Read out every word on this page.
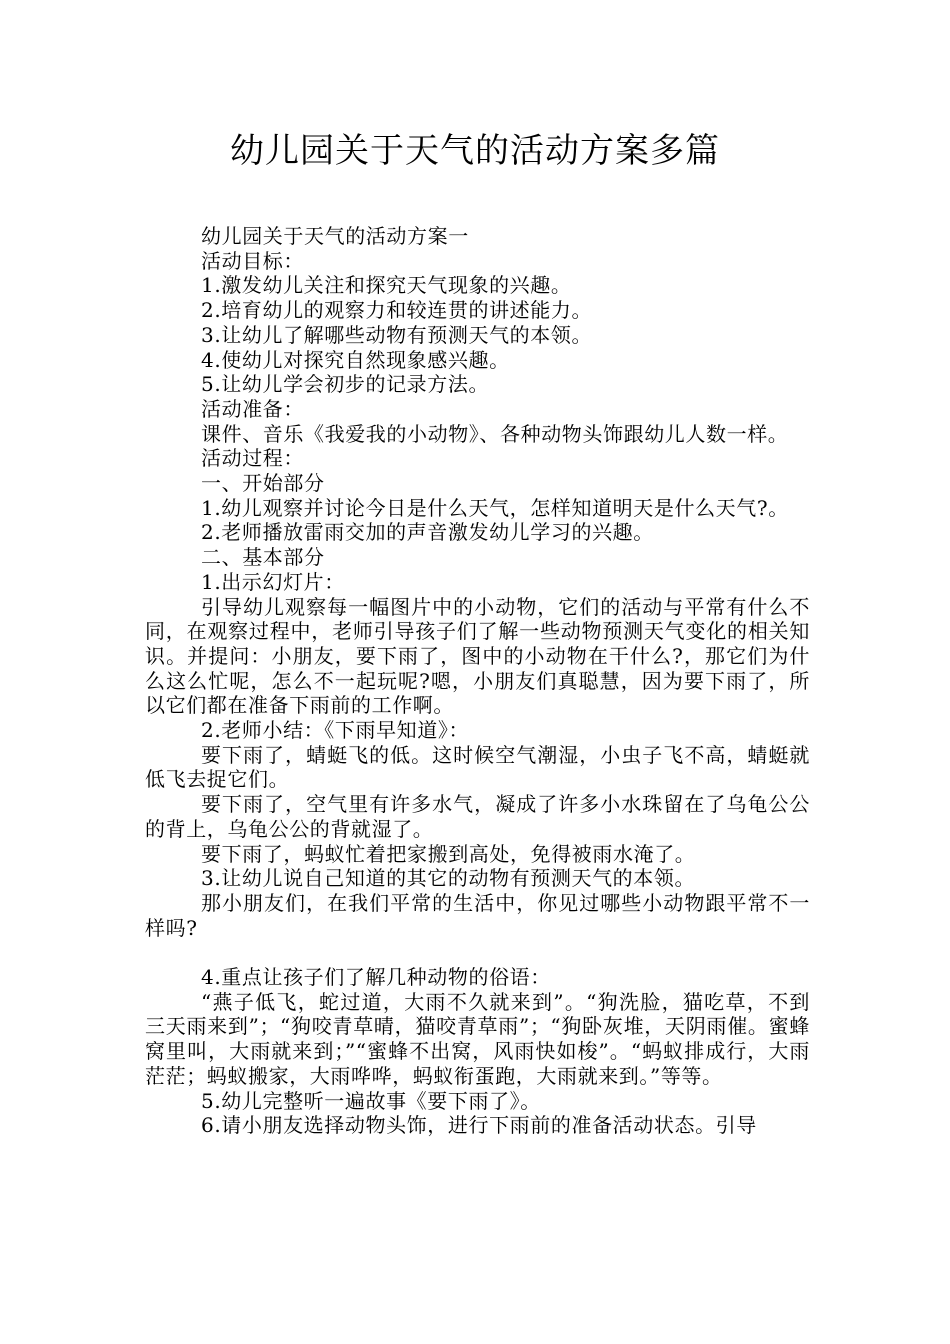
幼儿园关于天气的活动方案多篇

幼儿园关于天气的活动方案一

活动目标：

1.激发幼儿关注和探究天气现象的兴趣。

2.培育幼儿的观察力和较连贯的讲述能力。

3.让幼儿了解哪些动物有预测天气的本领。

4.使幼儿对探究自然现象感兴趣。

5.让幼儿学会初步的记录方法。

活动准备：

课件、音乐《我爱我的小动物》、各种动物头饰跟幼儿人数一样。

活动过程：

一、开始部分

1.幼儿观察并讨论今日是什么天气，怎样知道明天是什么天气?。

2.老师播放雷雨交加的声音激发幼儿学习的兴趣。

二、基本部分

1.出示幻灯片：

引导幼儿观察每一幅图片中的小动物，它们的活动与平常有什么不同，在观察过程中，老师引导孩子们了解一些动物预测天气变化的相关知识。并提问：小朋友，要下雨了，图中的小动物在干什么?，那它们为什么这么忙呢，怎么不一起玩呢?嗯，小朋友们真聪慧，因为要下雨了，所以它们都在准备下雨前的工作啊。

2.老师小结：《下雨早知道》：

要下雨了，蜻蜓飞的低。这时候空气潮湿，小虫子飞不高，蜻蜓就低飞去捉它们。

要下雨了，空气里有许多水气，凝成了许多小水珠留在了乌龟公公的背上，乌龟公公的背就湿了。

要下雨了，蚂蚁忙着把家搬到高处，免得被雨水淹了。

3.让幼儿说自己知道的其它的动物有预测天气的本领。

那小朋友们，在我们平常的生活中，你见过哪些小动物跟平常不一样吗?

4.重点让孩子们了解几种动物的俗语：

“燕子低飞，蛇过道，大雨不久就来到”。“狗洗脸，猫吃草，不到三天雨来到”；“狗咬青草晴，猫咬青草雨”；“狗卧灰堆，天阴雨催。蜜蜂窝里叫，大雨就来到；”“蜜蜂不出窝，风雨快如梭”。“蚂蚁排成行，大雨茫茫；蚂蚁搬家，大雨哗哗，蚂蚁衔蛋跑，大雨就来到。”等等。

5.幼儿完整听一遍故事《要下雨了》。

6.请小朋友选择动物头饰，进行下雨前的准备活动状态。引导
